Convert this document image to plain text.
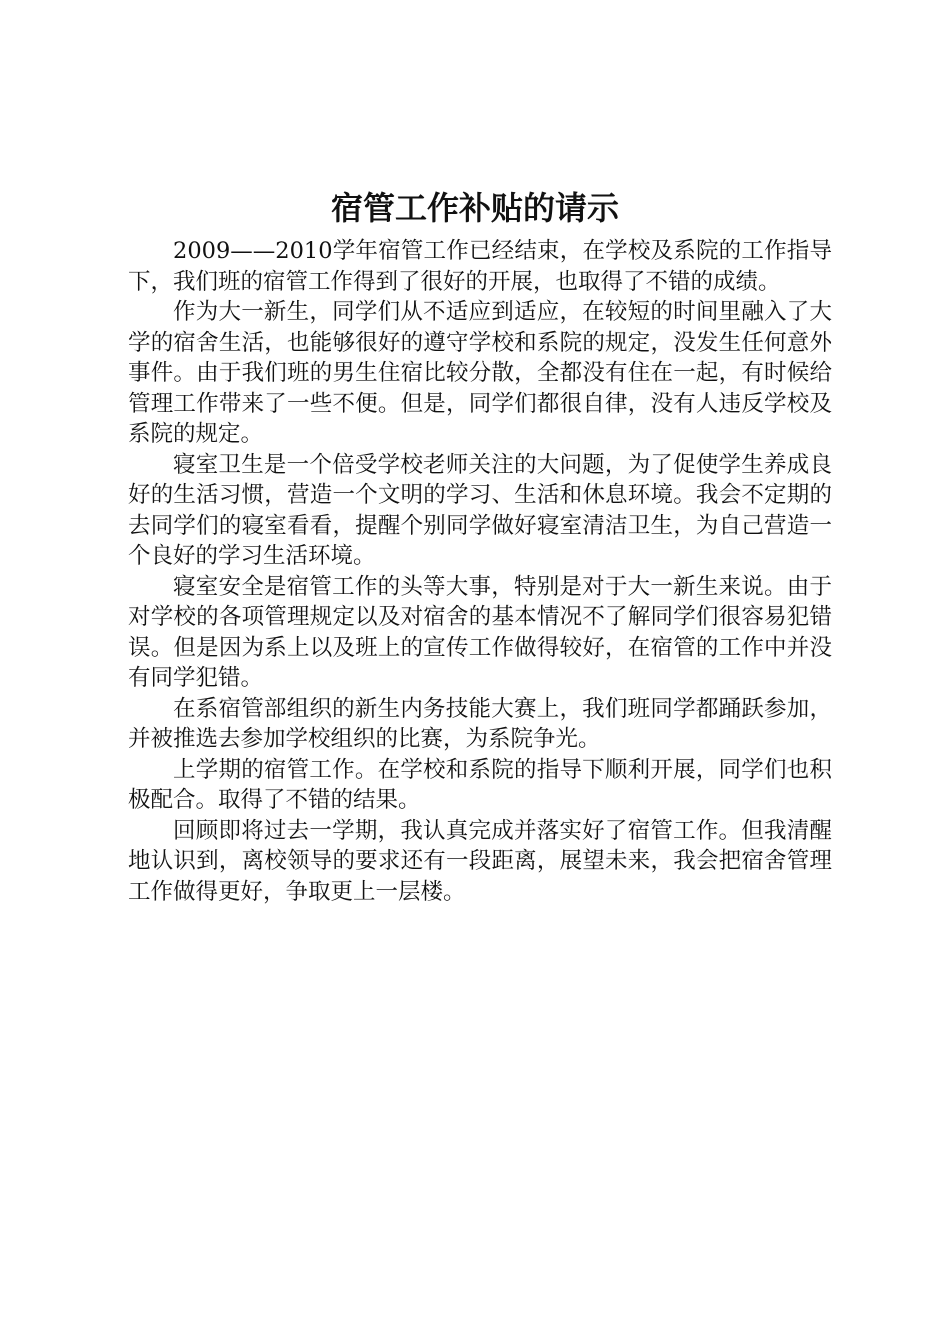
宿管工作补贴的请示

2009——2010学年宿管工作已经结束，在学校及系院的工作指导下，我们班的宿管工作得到了很好的开展，也取得了不错的成绩。

作为大一新生，同学们从不适应到适应，在较短的时间里融入了大学的宿舍生活，也能够很好的遵守学校和系院的规定，没发生任何意外事件。由于我们班的男生住宿比较分散，全都没有住在一起，有时候给管理工作带来了一些不便。但是，同学们都很自律，没有人违反学校及系院的规定。

寝室卫生是一个倍受学校老师关注的大问题，为了促使学生养成良好的生活习惯，营造一个文明的学习、生活和休息环境。我会不定期的去同学们的寝室看看，提醒个别同学做好寝室清洁卫生，为自己营造一个良好的学习生活环境。

寝室安全是宿管工作的头等大事，特别是对于大一新生来说。由于对学校的各项管理规定以及对宿舍的基本情况不了解同学们很容易犯错误。但是因为系上以及班上的宣传工作做得较好，在宿管的工作中并没有同学犯错。

在系宿管部组织的新生内务技能大赛上，我们班同学都踊跃参加，并被推选去参加学校组织的比赛，为系院争光。

上学期的宿管工作。在学校和系院的指导下顺利开展，同学们也积极配合。取得了不错的结果。

回顾即将过去一学期，我认真完成并落实好了宿管工作。但我清醒地认识到，离校领导的要求还有一段距离，展望未来，我会把宿舍管理工作做得更好，争取更上一层楼。
